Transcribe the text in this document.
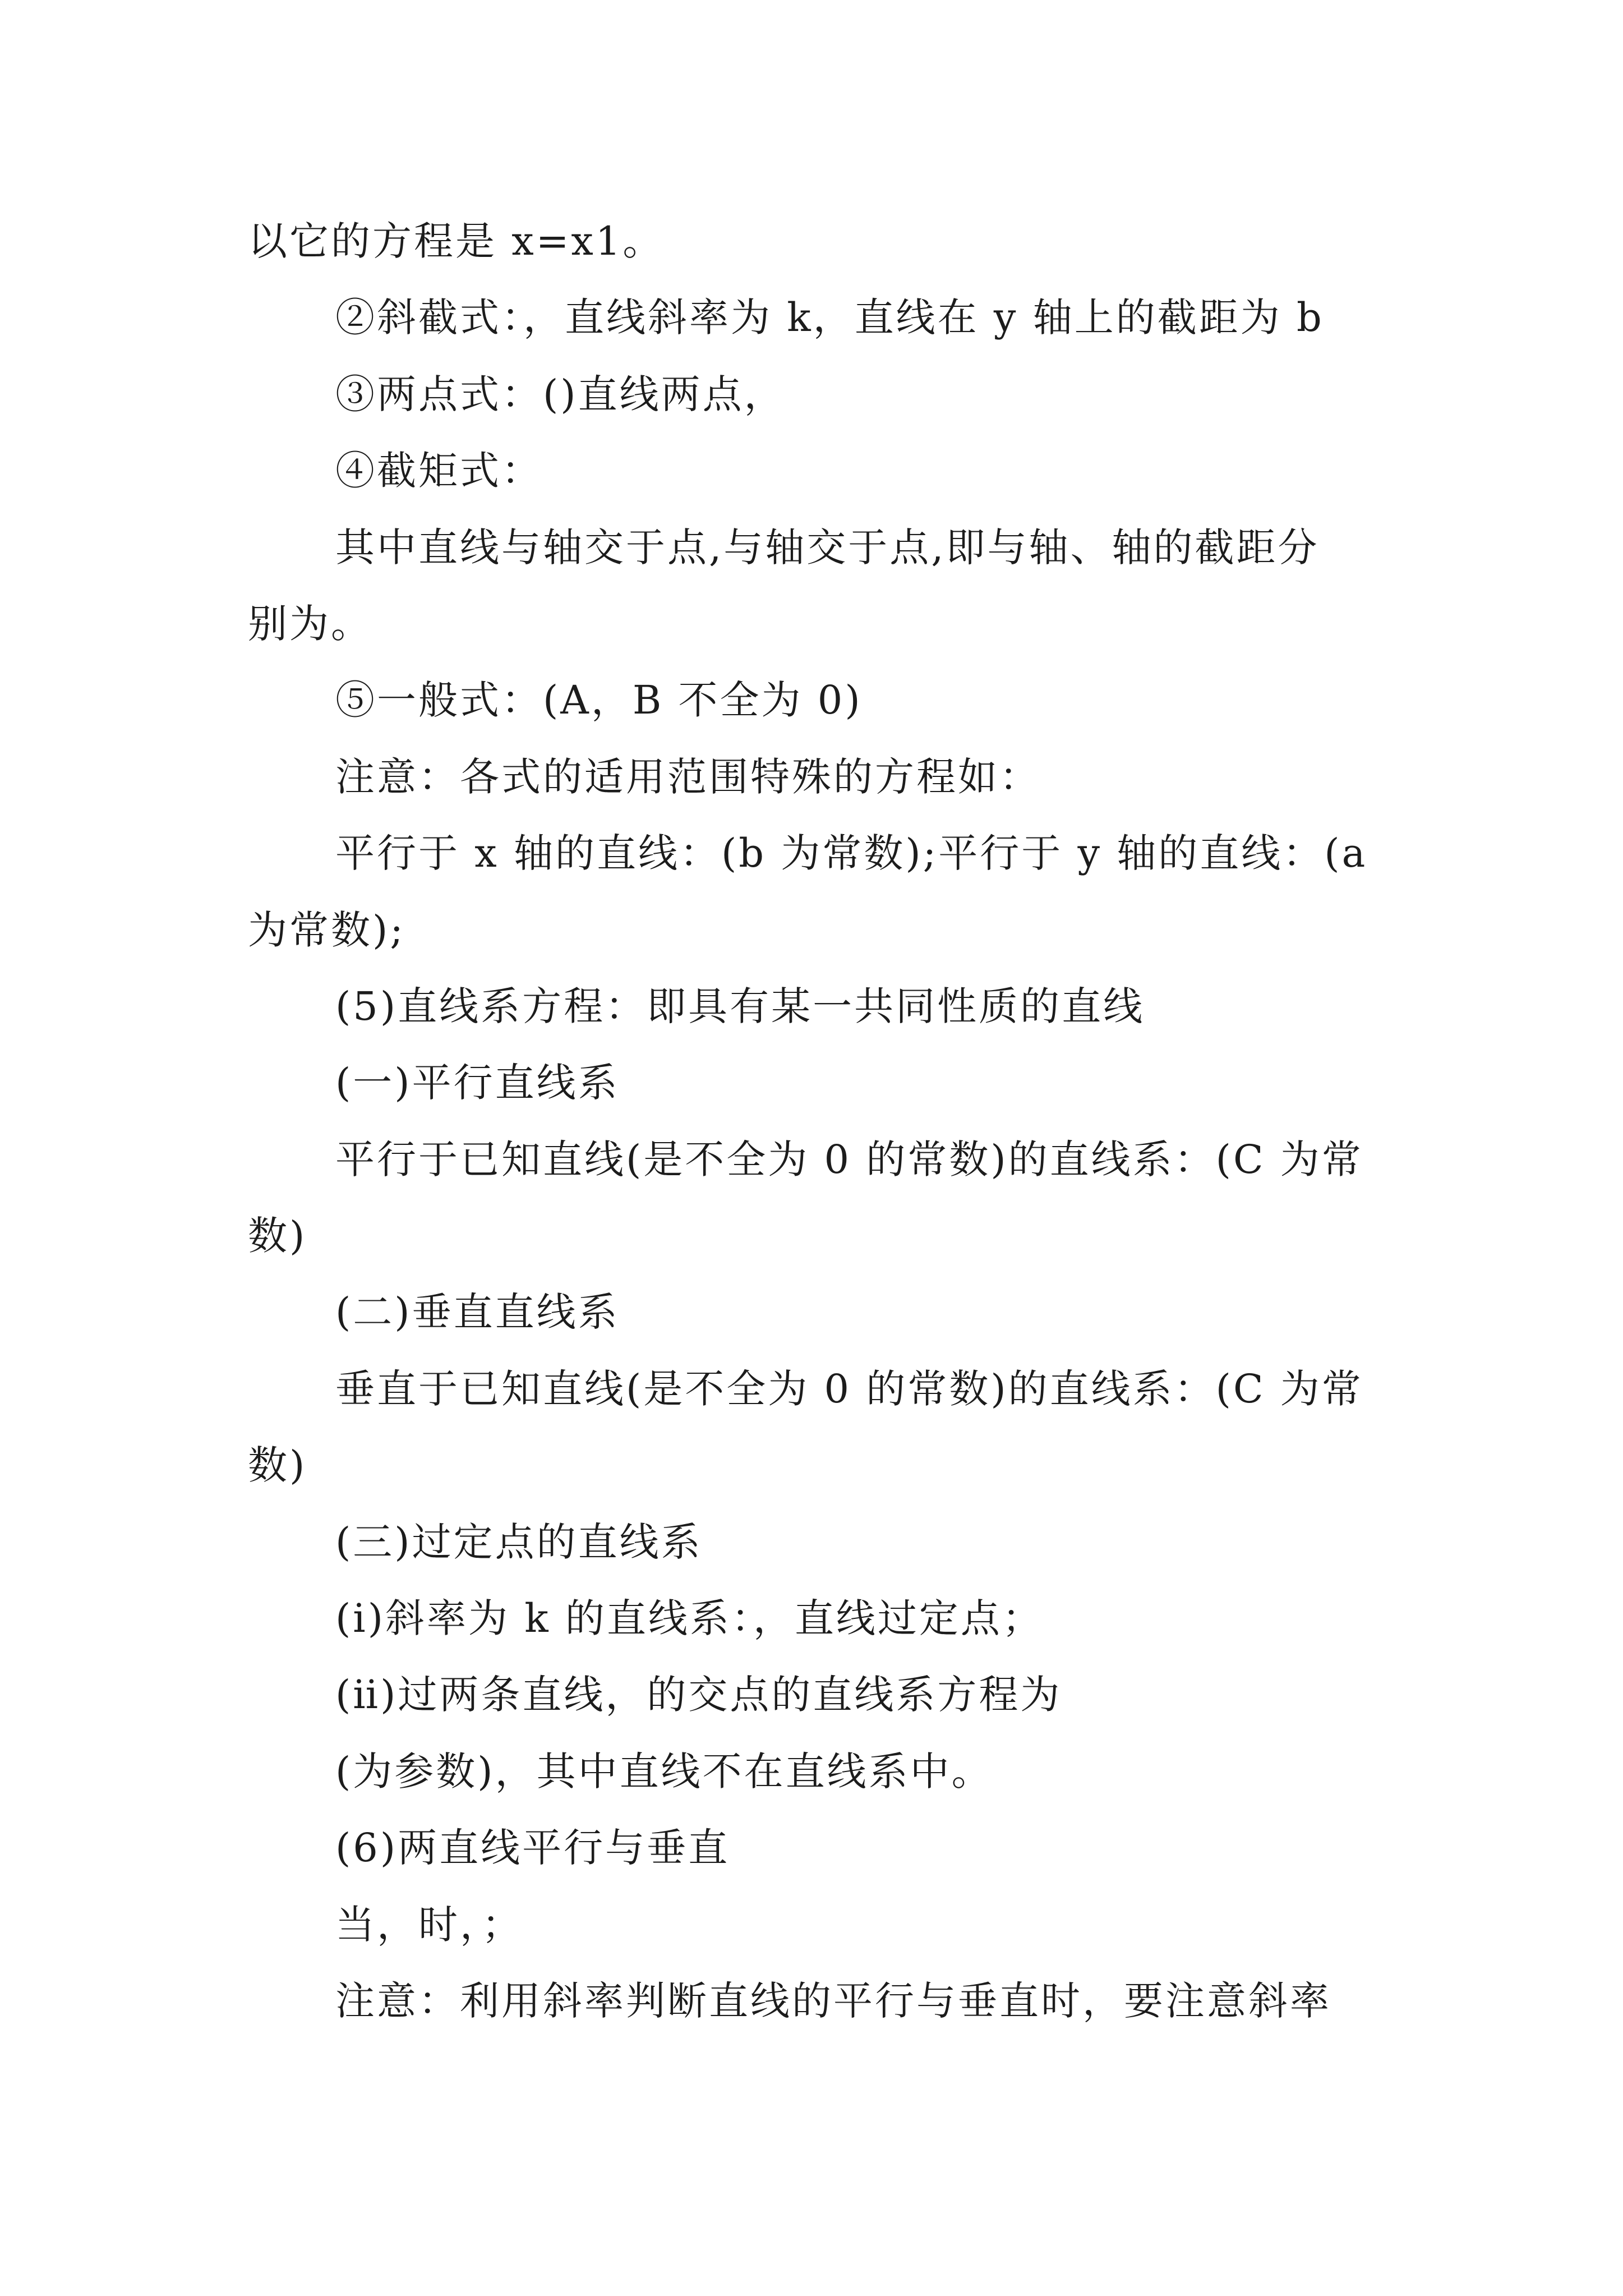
以它的方程是 x=x1。

②斜截式：，直线斜率为 k，直线在 y 轴上的截距为 b

③两点式：()直线两点，

④截矩式：

其中直线与轴交于点,与轴交于点,即与轴、轴的截距分

别为。

⑤一般式：(A，B 不全为 0)

注意：各式的适用范围特殊的方程如：

平行于 x 轴的直线：(b 为常数);平行于 y 轴的直线：(a

为常数);

(5)直线系方程：即具有某一共同性质的直线

(一)平行直线系

平行于已知直线(是不全为 0 的常数)的直线系：(C 为常

数)

(二)垂直直线系

垂直于已知直线(是不全为 0 的常数)的直线系：(C 为常

数)

(三)过定点的直线系

(ⅰ)斜率为 k 的直线系：，直线过定点；

(ⅱ)过两条直线，的交点的直线系方程为

(为参数)，其中直线不在直线系中。

(6)两直线平行与垂直

当，时，；

注意：利用斜率判断直线的平行与垂直时，要注意斜率
